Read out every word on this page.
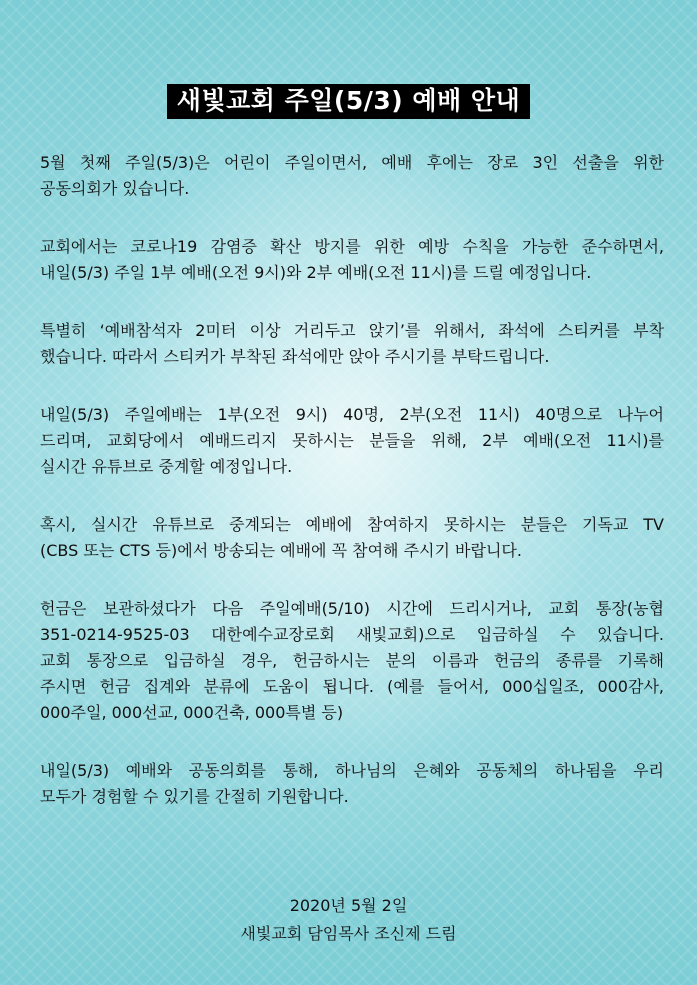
새빛교회 주일(5/3) 예배 안내
5월 첫째 주일(5/3)은 어린이 주일이면서, 예배 후에는 장로 3인 선출을 위한
공동의회가 있습니다.
교회에서는 코로나19 감염증 확산 방지를 위한 예방 수칙을 가능한 준수하면서,
내일(5/3) 주일 1부 예배(오전 9시)와 2부 예배(오전 11시)를 드릴 예정입니다.
특별히 ‘예배참석자 2미터 이상 거리두고 앉기’를 위해서, 좌석에 스티커를 부착
했습니다. 따라서 스티커가 부착된 좌석에만 앉아 주시기를 부탁드립니다.
내일(5/3) 주일예배는 1부(오전 9시) 40명, 2부(오전 11시) 40명으로 나누어
드리며, 교회당에서 예배드리지 못하시는 분들을 위해, 2부 예배(오전 11시)를
실시간 유튜브로 중계할 예정입니다.
혹시, 실시간 유튜브로 중계되는 예배에 참여하지 못하시는 분들은 기독교 TV
(CBS 또는 CTS 등)에서 방송되는 예배에 꼭 참여해 주시기 바랍니다.
헌금은 보관하셨다가 다음 주일예배(5/10) 시간에 드리시거나, 교회 통장(농협
351-0214-9525-03 대한예수교장로회 새빛교회)으로 입금하실 수 있습니다.
교회 통장으로 입금하실 경우, 헌금하시는 분의 이름과 헌금의 종류를 기록해
주시면 헌금 집계와 분류에 도움이 됩니다. (예를 들어서, 000십일조, 000감사,
000주일, 000선교, 000건축, 000특별 등)
내일(5/3) 예배와 공동의회를 통해, 하나님의 은혜와 공동체의 하나됨을 우리
모두가 경험할 수 있기를 간절히 기원합니다.
2020년 5월 2일
새빛교회 담임목사 조신제 드림
